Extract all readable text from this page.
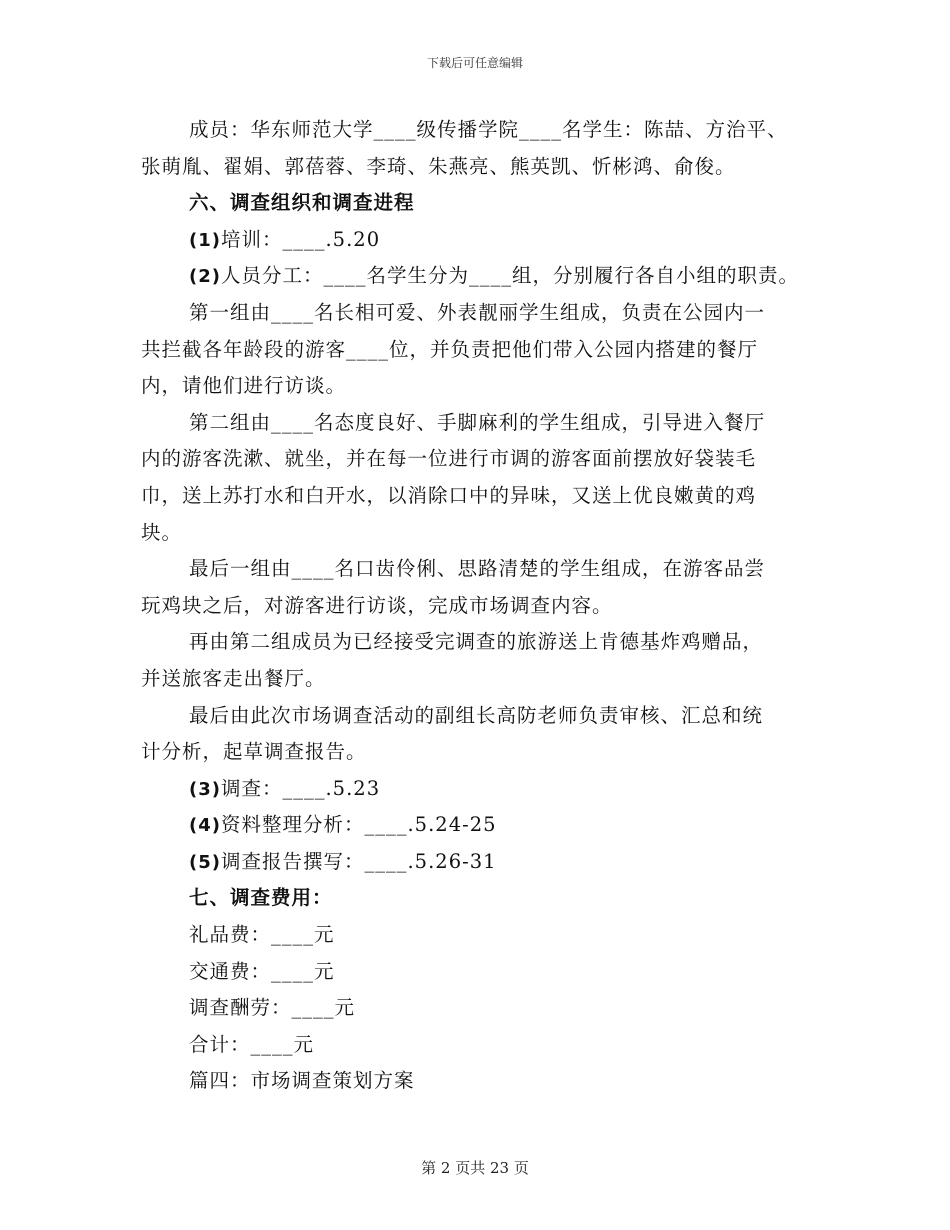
下载后可任意编辑
成员：华东师范大学____级传播学院____名学生：陈喆、方治平、
张萌胤、翟娟、郭蓓蓉、李琦、朱燕亮、熊英凯、忻彬鸿、俞俊。
六、调查组织和调查进程
(1)培训：____.5.20
(2)人员分工：____名学生分为____组，分别履行各自小组的职责。
第一组由____名长相可爱、外表靓丽学生组成，负责在公园内一
共拦截各年龄段的游客____位，并负责把他们带入公园内搭建的餐厅
内，请他们进行访谈。
第二组由____名态度良好、手脚麻利的学生组成，引导进入餐厅
内的游客洗漱、就坐，并在每一位进行市调的游客面前摆放好袋装毛
巾，送上苏打水和白开水，以消除口中的异味，又送上优良嫩黄的鸡
块。
最后一组由____名口齿伶俐、思路清楚的学生组成，在游客品尝
玩鸡块之后，对游客进行访谈，完成市场调查内容。
再由第二组成员为已经接受完调查的旅游送上肯德基炸鸡赠品，
并送旅客走出餐厅。
最后由此次市场调查活动的副组长高防老师负责审核、汇总和统
计分析，起草调查报告。
(3)调查：____.5.23
(4)资料整理分析：____.5.24-25
(5)调查报告撰写：____.5.26-31
七、调查费用：
礼品费：____元
交通费：____元
调查酬劳：____元
合计：____元
篇四：市场调查策划方案
第 2 页共 23 页
